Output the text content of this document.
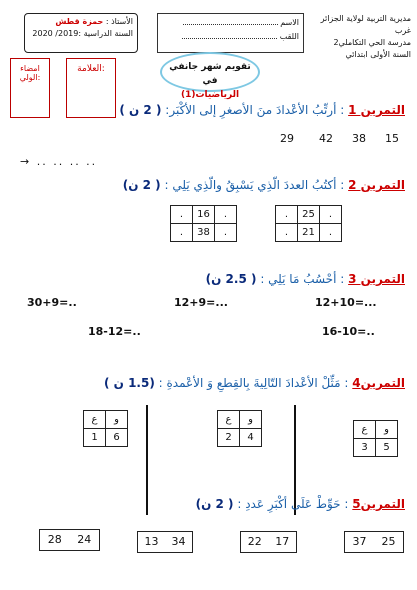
الأستاذ : حمزة قطش
السنة الدراسية :2019/ 2020
الاسم
اللقب
مديرية التربية لولاية الجزائر غرب
مدرسة الحي التكاملي2
السنة الأولى ابتدائي
امضاء الولي:
العلامة:	تقويم شهر جانفي في
الرياضيات(1)
التمرين 1 : أرتِّبُ الأعْدادَ منَ الأصغرِ إلى الأكْبَر: ( 2 ن )
29 42 38 15
→ .. .. .. ..
التمرين 2 : أكتُبُ العددَ الّذِي يَسْبِقُ والّذِي يَلِي : ( 2 ن)
.	16	.
.	38	.
.	25	.
.	21	.
التمرين 3 : أحْسُبُ مَا يَلِي : ( 2.5 ن)
30+9=..	12+9=...	12+10=...
18-12=..	16-10=..
التمرين4 : مَثِّلْ الأعْدادَ التّالِيةَ بِالقِطعِ وَ الأعْمدةِ : (1.5 ن )
ع	و
1	6
ع	و
2	4
ع	و
3	5
التمرين5 : حَوِّطْ عَلَى أكْبَرِ عَددِ : ( 2 ن)
28 24	13 34	22 17	37 25
